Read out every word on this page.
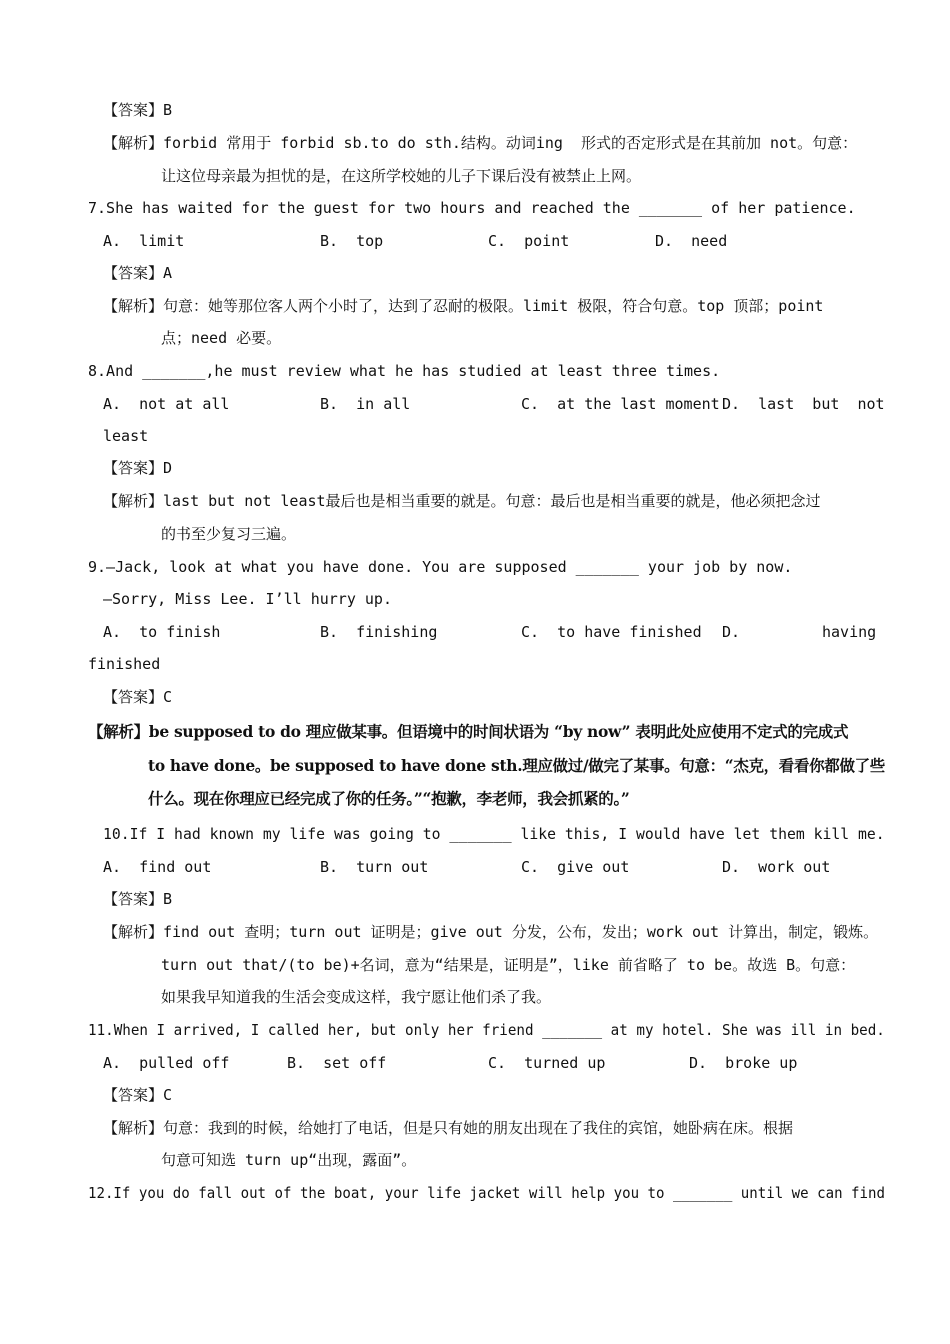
【答案】B
【解析】forbid 常用于 forbid sb.to do sth.结构。动词ing  形式的否定形式是在其前加 not。句意：
让这位母亲最为担忧的是，在这所学校她的儿子下课后没有被禁止上网。
7.She has waited for the guest for two hours and reached the _______ of her patience.
A.  limit	B.  top	C.  point	D.  need
【答案】A
【解析】句意：她等那位客人两个小时了，达到了忍耐的极限。limit 极限，符合句意。top 顶部；point
点；need 必要。
8.And _______,he must review what he has studied at least three times.
A.  not at all	B.  in all	C.  at the last moment D.  last  but  not
least
【答案】D
【解析】last but not least最后也是相当重要的就是。句意：最后也是相当重要的就是，他必须把念过
的书至少复习三遍。
9.—Jack, look at what you have done. You are supposed _______ your job by now.
—Sorry, Miss Lee. I’ll hurry up.
A.  to finish	B.  finishing	C.  to have finished D.	having
finished
【答案】C
【解析】be supposed to do 理应做某事。但语境中的时间状语为 “by now” 表明此处应使用不定式的完成式
to have done。be supposed to have done sth.理应做过/做完了某事。句意：“杰克，看看你都做了些
什么。现在你理应已经完成了你的任务。”“抱歉，李老师，我会抓紧的。”
10.If I had known my life was going to _______ like this, I would have let them kill me.
A.  find out	B.  turn out	C.  give out	D.  work out
【答案】B
【解析】find out 查明；turn out 证明是；give out 分发，公布，发出；work out 计算出，制定，锻炼。
turn out that/(to be)+名词，意为“结果是，证明是”，like 前省略了 to be。故选 B。句意：
如果我早知道我的生活会变成这样，我宁愿让他们杀了我。
11.When I arrived, I called her, but only her friend _______ at my hotel. She was ill in bed.
A.  pulled off	B.  set off	C.  turned up	D.  broke up
【答案】C
【解析】句意：我到的时候，给她打了电话，但是只有她的朋友出现在了我住的宾馆，她卧病在床。根据
句意可知选 turn up“出现，露面”。
12.If you do fall out of the boat, your life jacket will help you to _______ until we can find
